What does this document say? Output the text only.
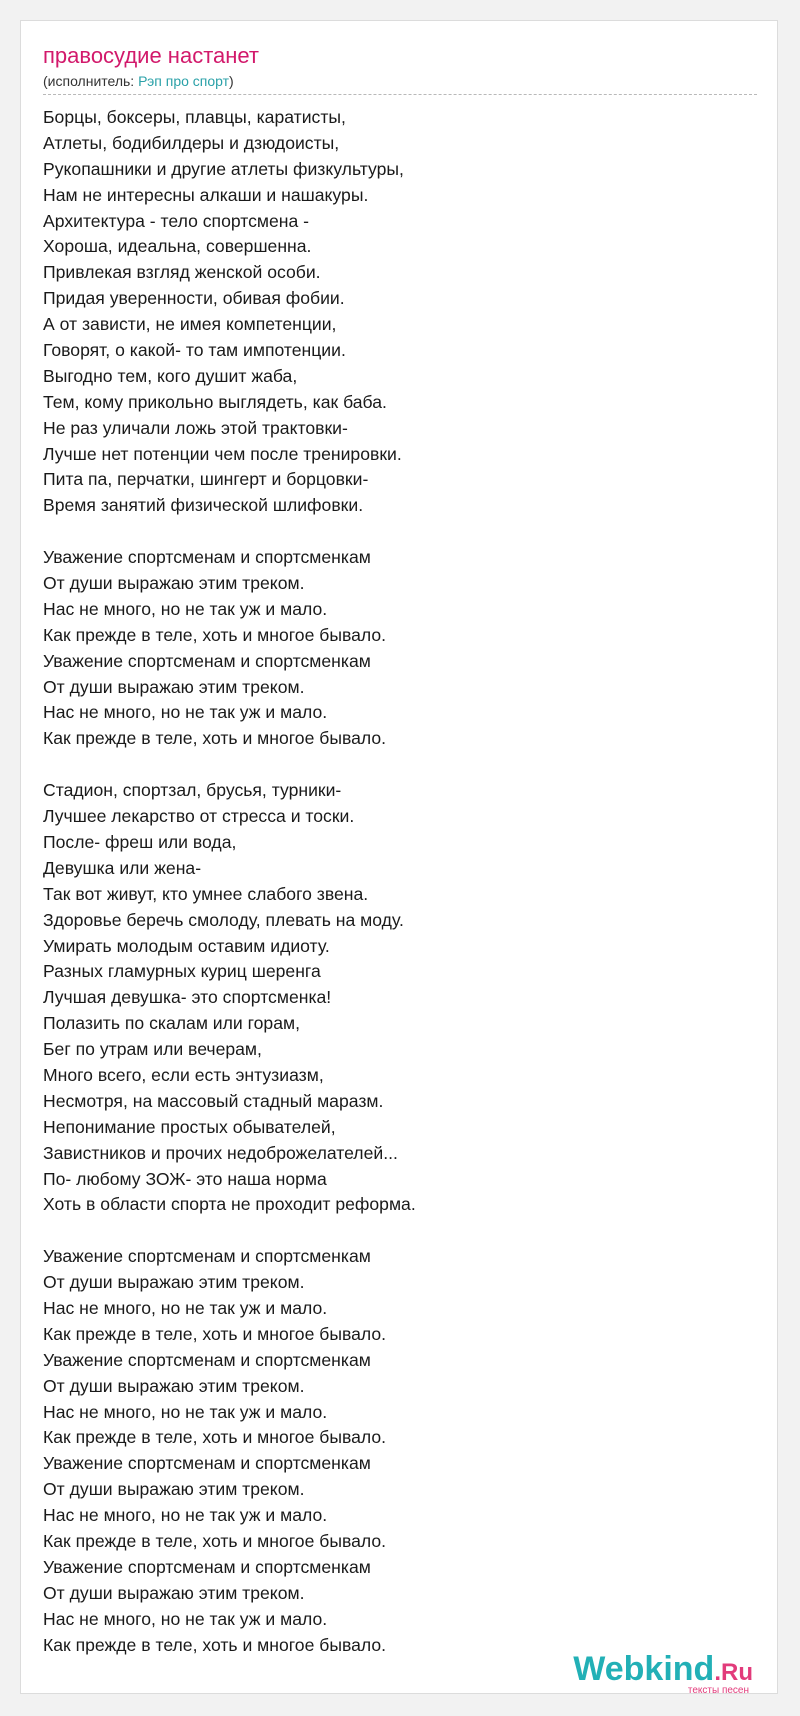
правосудие настанет
(исполнитель: Рэп про спорт)
Борцы, боксеры, плавцы, каратисты,
Атлеты, бодибилдеры и дзюдоисты,
Рукопашники и другие атлеты физкультуры,
Нам не интересны алкаши и нашакуры.
Архитектура - тело спортсмена -
Хороша, идеальна, совершенна.
Привлекая взгляд женской особи.
Придая уверенности, обивая фобии.
А от зависти, не имея компетенции,
Говорят, о какой- то там импотенции.
Выгодно тем, кого душит жаба,
Тем, кому прикольно выглядеть, как баба.
Не раз уличали ложь этой трактовки-
Лучше нет потенции чем после тренировки.
Пита па, перчатки, шингерт и борцовки-
Время занятий физической шлифовки.
Уважение спортсменам и спортсменкам
От души выражаю этим треком.
Нас не много, но не так уж и мало.
Как прежде в теле, хоть и многое бывало.
Уважение спортсменам и спортсменкам
От души выражаю этим треком.
Нас не много, но не так уж и мало.
Как прежде в теле, хоть и многое бывало.
Стадион, спортзал, брусья, турники-
Лучшее лекарство от стресса и тоски.
После- фреш или вода,
Девушка или жена-
Так вот живут, кто умнее слабого звена.
Здоровье беречь смолоду, плевать на моду.
Умирать молодым оставим идиоту.
Разных гламурных куриц шеренга
Лучшая девушка- это спортсменка!
Полазить по скалам или горам,
Бег по утрам или вечерам,
Много всего, если есть энтузиазм,
Несмотря, на массовый стадный маразм.
Непонимание простых обывателей,
Завистников и прочих недоброжелателей...
По- любому ЗОЖ- это наша норма
Хоть в области спорта не проходит реформа.
Уважение спортсменам и спортсменкам
От души выражаю этим треком.
Нас не много, но не так уж и мало.
Как прежде в теле, хоть и многое бывало.
Уважение спортсменам и спортсменкам
От души выражаю этим треком.
Нас не много, но не так уж и мало.
Как прежде в теле, хоть и многое бывало.
Уважение спортсменам и спортсменкам
От души выражаю этим треком.
Нас не много, но не так уж и мало.
Как прежде в теле, хоть и многое бывало.
Уважение спортсменам и спортсменкам
От души выражаю этим треком.
Нас не много, но не так уж и мало.
Как прежде в теле, хоть и многое бывало.
Webkind.Ru
тексты песен
